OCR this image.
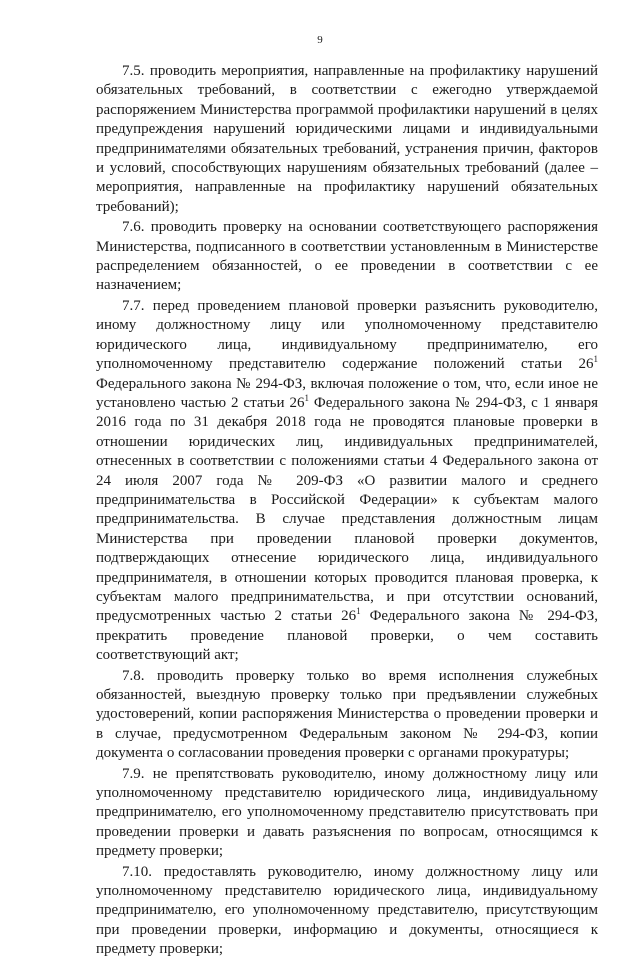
9

7.5. проводить мероприятия, направленные на профилактику нарушений обязательных требований, в соответствии с ежегодно утверждаемой распоряжением Министерства программой профилактики нарушений в целях предупреждения нарушений юридическими лицами и индивидуальными предпринимателями обязательных требований, устранения причин, факторов и условий, способствующих нарушениям обязательных требований (далее – мероприятия, направленные на профилактику нарушений обязательных требований);

7.6. проводить проверку на основании соответствующего распоряжения Министерства, подписанного в соответствии установленным в Министерстве распределением обязанностей, о ее проведении в соответствии с ее назначением;

7.7. перед проведением плановой проверки разъяснить руководителю, иному должностному лицу или уполномоченному представителю юридического лица, индивидуальному предпринимателю, его уполномоченному представителю содержание положений статьи $26^1$ Федерального закона № 294-ФЗ, включая положение о том, что, если иное не установлено частью 2 статьи $26^1$ Федерального закона № 294-ФЗ, с 1 января 2016 года по 31 декабря 2018 года не проводятся плановые проверки в отношении юридических лиц, индивидуальных предпринимателей, отнесенных в соответствии с положениями статьи 4 Федерального закона от 24 июля 2007 года № 209-ФЗ «О развитии малого и среднего предпринимательства в Российской Федерации» к субъектам малого предпринимательства. В случае представления должностным лицам Министерства при проведении плановой проверки документов, подтверждающих отнесение юридического лица, индивидуального предпринимателя, в отношении которых проводится плановая проверка, к субъектам малого предпринимательства, и при отсутствии оснований, предусмотренных частью 2 статьи $26^1$ Федерального закона № 294-ФЗ, прекратить проведение плановой проверки, о чем составить соответствующий акт;

7.8. проводить проверку только во время исполнения служебных обязанностей, выездную проверку только при предъявлении служебных удостоверений, копии распоряжения Министерства о проведении проверки и в случае, предусмотренном Федеральным законом № 294-ФЗ, копии документа о согласовании проведения проверки с органами прокуратуры;

7.9. не препятствовать руководителю, иному должностному лицу или уполномоченному представителю юридического лица, индивидуальному предпринимателю, его уполномоченному представителю присутствовать при проведении проверки и давать разъяснения по вопросам, относящимся к предмету проверки;

7.10. предоставлять руководителю, иному должностному лицу или уполномоченному представителю юридического лица, индивидуальному предпринимателю, его уполномоченному представителю, присутствующим при проведении проверки, информацию и документы, относящиеся к предмету проверки;
